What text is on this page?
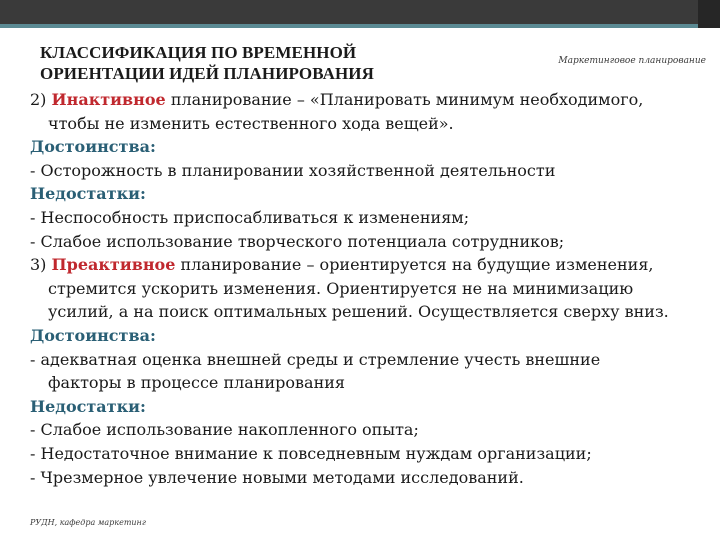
КЛАССИФИКАЦИЯ ПО ВРЕМЕННОЙ
ОРИЕНТАЦИИ ИДЕЙ ПЛАНИРОВАНИЯ
Маркетинговое планирование
2) Инактивное планирование – «Планировать минимум необходимого,
чтобы не изменить естественного хода вещей».
Достоинства:
- Осторожность в планировании хозяйственной деятельности
Недостатки:
- Неспособность приспосабливаться к изменениям;
- Слабое использование творческого потенциала сотрудников;
3) Преактивное планирование – ориентируется на будущие изменения,
стремится ускорить изменения. Ориентируется не на минимизацию
усилий, а на поиск оптимальных решений. Осуществляется сверху вниз.
Достоинства:
- адекватная оценка внешней среды и стремление учесть внешние
факторы в процессе планирования
Недостатки:
- Слабое использование накопленного опыта;
- Недостаточное внимание к повседневным нуждам организации;
- Чрезмерное увлечение новыми методами исследований.
РУДН, кафедра маркетинг
